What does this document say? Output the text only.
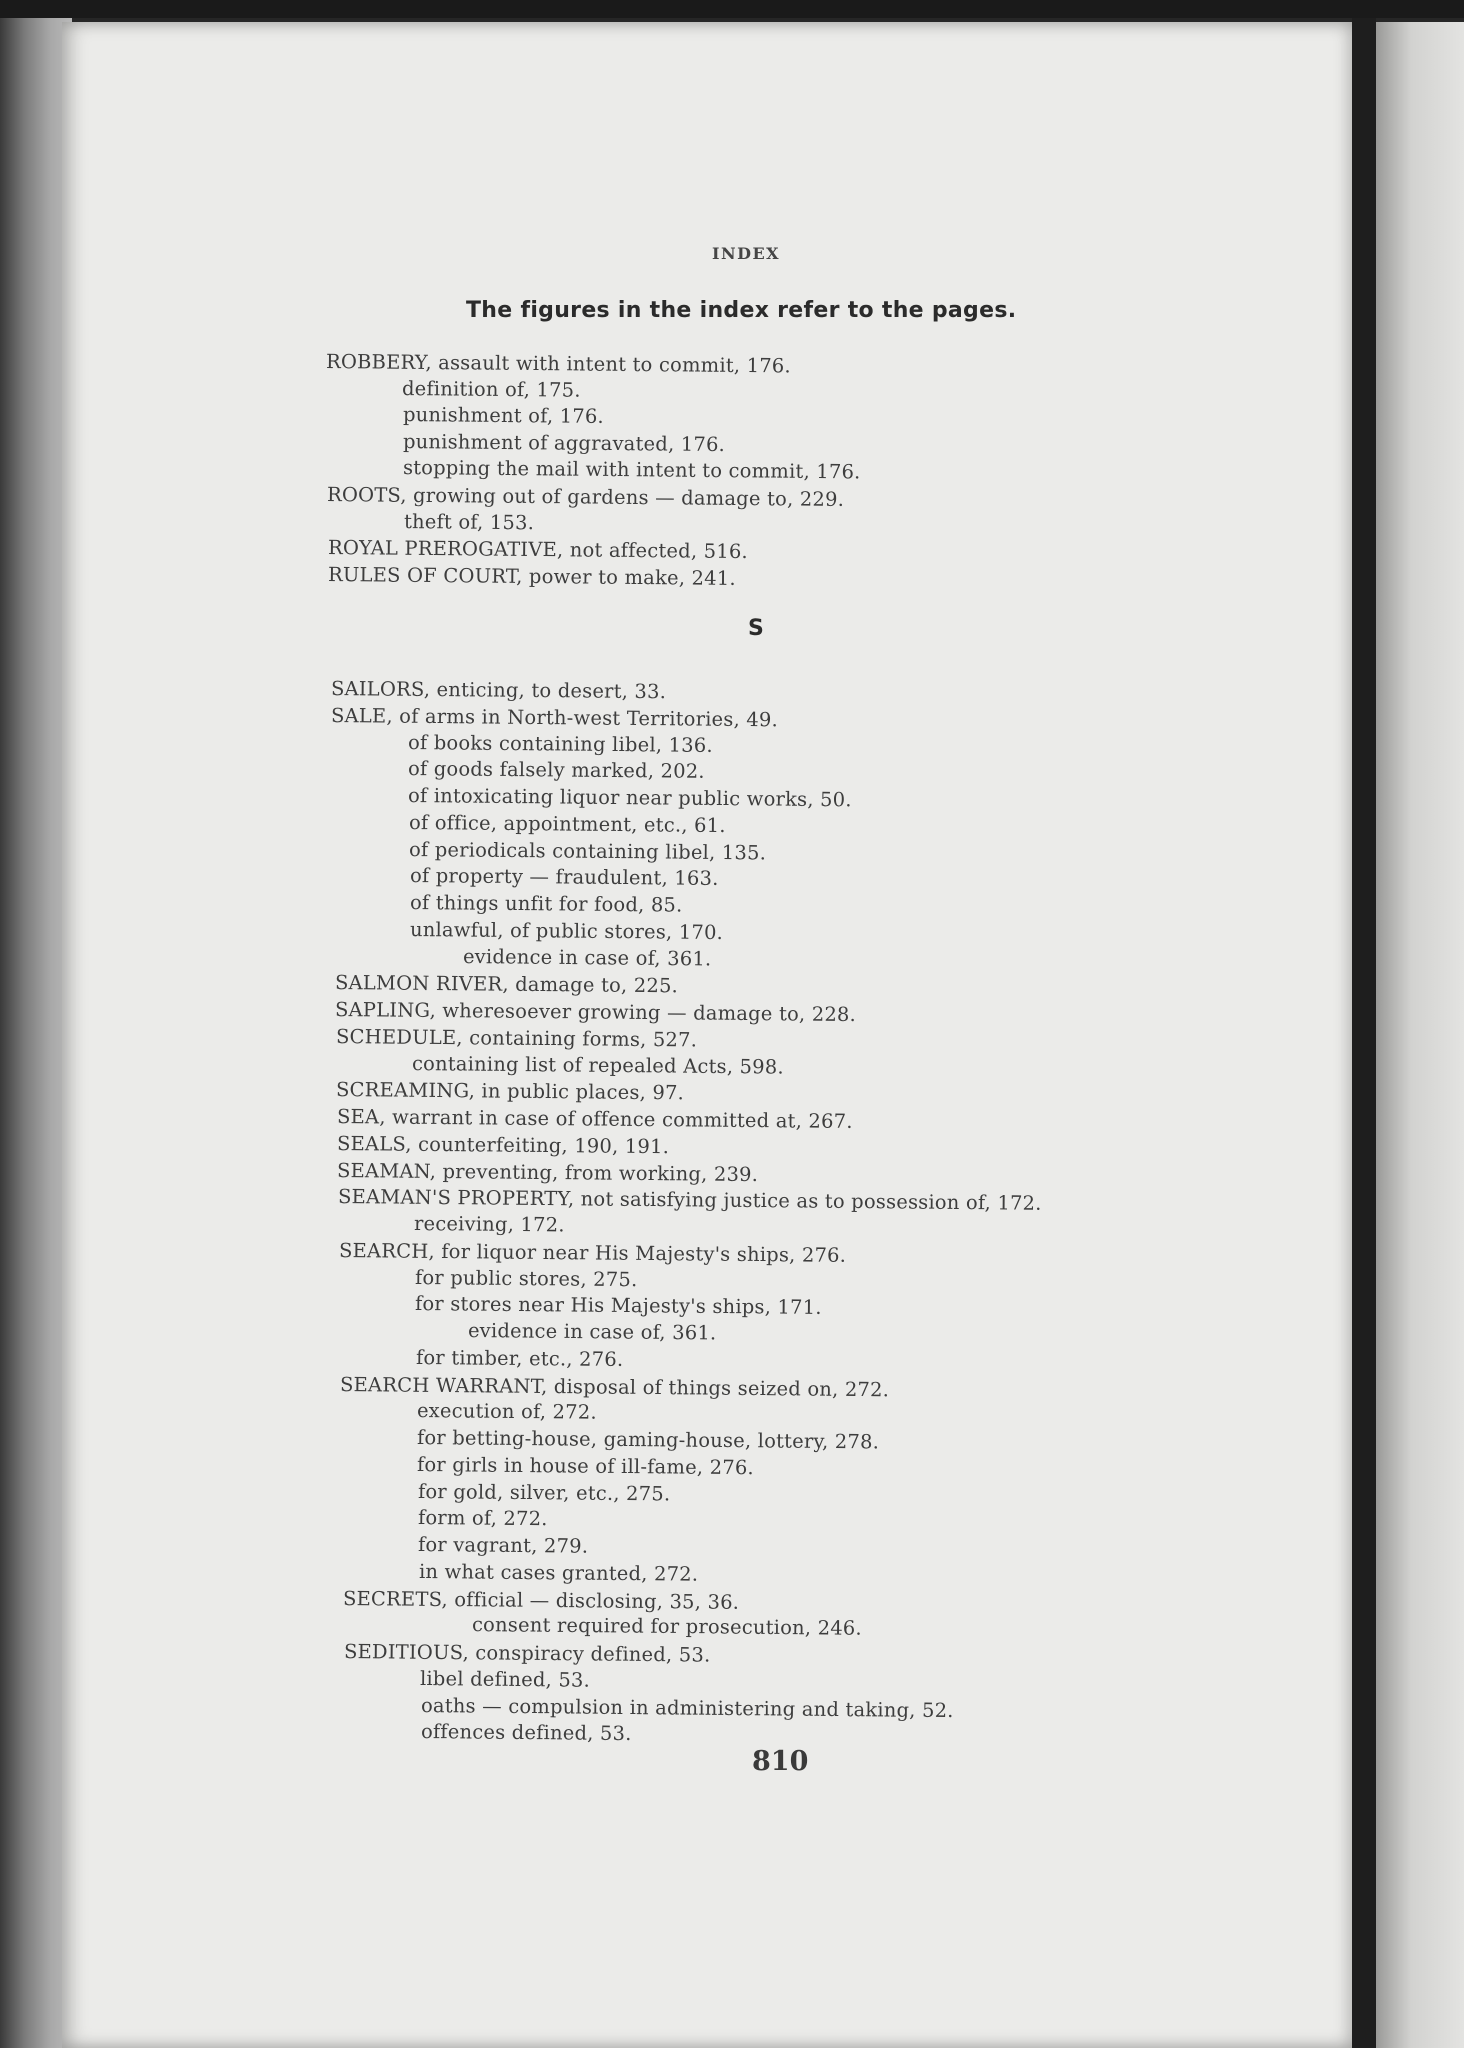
INDEX
The figures in the index refer to the pages.
ROBBERY, assault with intent to commit, 176.
definition of, 175.
punishment of, 176.
punishment of aggravated, 176.
stopping the mail with intent to commit, 176.
ROOTS, growing out of gardens — damage to, 229.
theft of, 153.
ROYAL PREROGATIVE, not affected, 516.
RULES OF COURT, power to make, 241.
S
SAILORS, enticing, to desert, 33.
SALE, of arms in North-west Territories, 49.
of books containing libel, 136.
of goods falsely marked, 202.
of intoxicating liquor near public works, 50.
of office, appointment, etc., 61.
of periodicals containing libel, 135.
of property — fraudulent, 163.
of things unfit for food, 85.
unlawful, of public stores, 170.
evidence in case of, 361.
SALMON RIVER, damage to, 225.
SAPLING, wheresoever growing — damage to, 228.
SCHEDULE, containing forms, 527.
containing list of repealed Acts, 598.
SCREAMING, in public places, 97.
SEA, warrant in case of offence committed at, 267.
SEALS, counterfeiting, 190, 191.
SEAMAN, preventing, from working, 239.
SEAMAN'S PROPERTY, not satisfying justice as to possession of, 172.
receiving, 172.
SEARCH, for liquor near His Majesty's ships, 276.
for public stores, 275.
for stores near His Majesty's ships, 171.
evidence in case of, 361.
for timber, etc., 276.
SEARCH WARRANT, disposal of things seized on, 272.
execution of, 272.
for betting-house, gaming-house, lottery, 278.
for girls in house of ill-fame, 276.
for gold, silver, etc., 275.
form of, 272.
for vagrant, 279.
in what cases granted, 272.
SECRETS, official — disclosing, 35, 36.
consent required for prosecution, 246.
SEDITIOUS, conspiracy defined, 53.
libel defined, 53.
oaths — compulsion in administering and taking, 52.
offences defined, 53.
810
